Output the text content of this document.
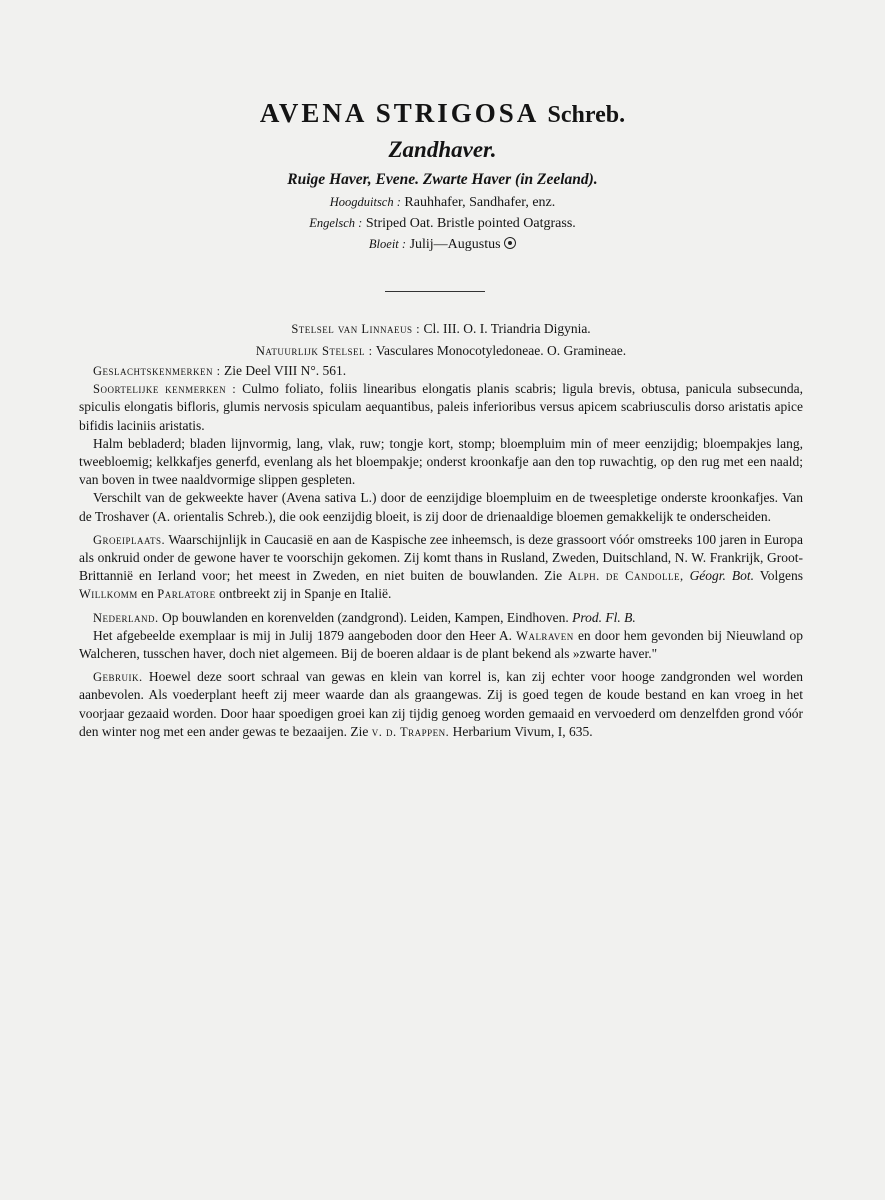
AVENA STRIGOSA Schreb.

Zandhaver.

Ruige Haver, Evene. Zwarte Haver (in Zeeland).

Hoogduitsch : Rauhhafer, Sandhafer, enz.

Engelsch : Striped Oat. Bristle pointed Oatgrass.

Bloeit : Julij—Augustus

Stelsel van Linnaeus : Cl. III. O. I. Triandria Digynia.

Natuurlijk Stelsel : Vasculares Monocotyledoneae. O. Gramineae.

Geslachtskenmerken : Zie Deel VIII N°. 561.

Soortelijke kenmerken : Culmo foliato, foliis linearibus elongatis planis scabris; ligula brevis, obtusa, panicula subsecunda, spiculis elongatis bifloris, glumis nervosis spiculam aequantibus, paleis inferioribus versus apicem scabriusculis dorso aristatis apice bifidis laciniis aristatis.

Halm bebladerd; bladen lijnvormig, lang, vlak, ruw; tongje kort, stomp; bloempluim min of meer eenzijdig; bloempakjes lang, tweebloemig; kelkkafjes generfd, evenlang als het bloempakje; onderst kroonkafje aan den top ruwachtig, op den rug met een naald; van boven in twee naaldvormige slippen gespleten.

Verschilt van de gekweekte haver (Avena sativa L.) door de eenzijdige bloempluim en de tweespletige onderste kroonkafjes. Van de Troshaver (A. orientalis Schreb.), die ook eenzijdig bloeit, is zij door de drienaaldige bloemen gemakkelijk te onderscheiden.

Groeiplaats. Waarschijnlijk in Caucasië en aan de Kaspische zee inheemsch, is deze grassoort vóór omstreeks 100 jaren in Europa als onkruid onder de gewone haver te voorschijn gekomen. Zij komt thans in Rusland, Zweden, Duitschland, N. W. Frankrijk, Groot-Brittannië en Ierland voor; het meest in Zweden, en niet buiten de bouwlanden. Zie Alph. de Candolle, Géogr. Bot. Volgens Willkomm en Parlatore ontbreekt zij in Spanje en Italië.

Nederland. Op bouwlanden en korenvelden (zandgrond). Leiden, Kampen, Eindhoven. Prod. Fl. B.

Het afgebeelde exemplaar is mij in Julij 1879 aangeboden door den Heer A. Walraven en door hem gevonden bij Nieuwland op Walcheren, tusschen haver, doch niet algemeen. Bij de boeren aldaar is de plant bekend als »zwarte haver."

Gebruik. Hoewel deze soort schraal van gewas en klein van korrel is, kan zij echter voor hooge zandgronden wel worden aanbevolen. Als voederplant heeft zij meer waarde dan als graangewas. Zij is goed tegen de koude bestand en kan vroeg in het voorjaar gezaaid worden. Door haar spoedigen groei kan zij tijdig genoeg worden gemaaid en vervoederd om denzelfden grond vóór den winter nog met een ander gewas te bezaaijen. Zie v. d. Trappen. Herbarium Vivum, I, 635.
